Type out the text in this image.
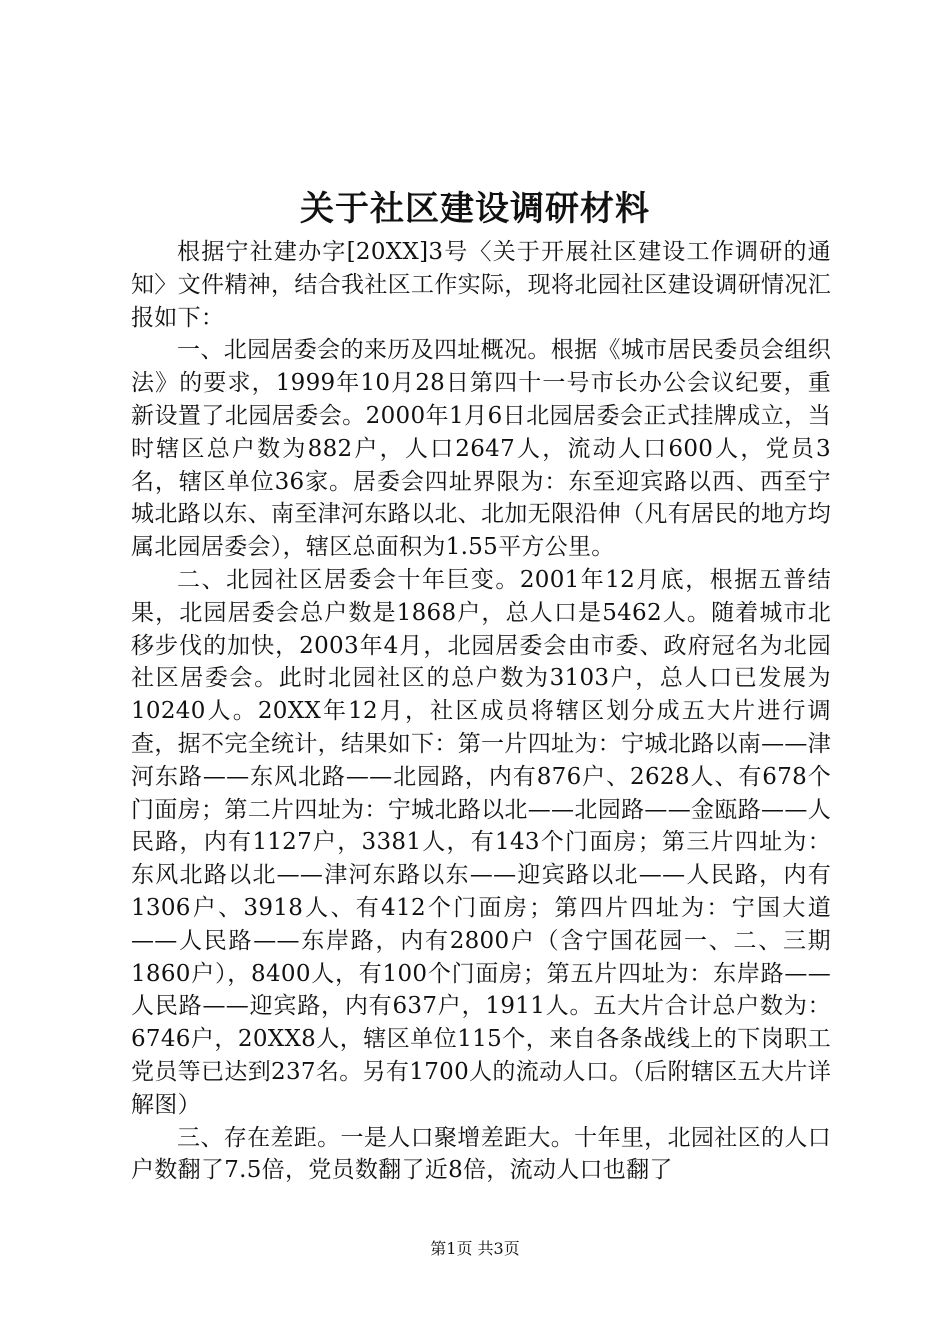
关于社区建设调研材料

根据宁社建办字[20XX]3号〈关于开展社区建设工作调研的通知〉文件精神，结合我社区工作实际，现将北园社区建设调研情况汇报如下：

一、北园居委会的来历及四址概况。根据《城市居民委员会组织法》的要求，1999年10月28日第四十一号市长办公会议纪要，重新设置了北园居委会。2000年1月6日北园居委会正式挂牌成立，当时辖区总户数为882户，人口2647人，流动人口600人，党员3名，辖区单位36家。居委会四址界限为：东至迎宾路以西、西至宁城北路以东、南至津河东路以北、北加无限沿伸（凡有居民的地方均属北园居委会），辖区总面积为1.55平方公里。

二、北园社区居委会十年巨变。2001年12月底，根据五普结果，北园居委会总户数是1868户，总人口是5462人。随着城市北移步伐的加快，2003年4月，北园居委会由市委、政府冠名为北园社区居委会。此时北园社区的总户数为3103户，总人口已发展为10240人。20XX年12月，社区成员将辖区划分成五大片进行调查，据不完全统计，结果如下：第一片四址为：宁城北路以南——津河东路——东风北路——北园路，内有876户、2628人、有678个门面房；第二片四址为：宁城北路以北——北园路——金瓯路——人民路，内有1127户，3381人，有143个门面房；第三片四址为：东风北路以北——津河东路以东——迎宾路以北——人民路，内有1306户、3918人、有412个门面房；第四片四址为：宁国大道——人民路——东岸路，内有2800户（含宁国花园一、二、三期1860户），8400人，有100个门面房；第五片四址为：东岸路——人民路——迎宾路，内有637户，1911人。五大片合计总户数为：6746户，20XX8人，辖区单位115个，来自各条战线上的下岗职工党员等已达到237名。另有1700人的流动人口。（后附辖区五大片详解图）

三、存在差距。一是人口聚增差距大。十年里，北园社区的人口户数翻了7.5倍，党员数翻了近8倍，流动人口也翻了

第1页 共3页
